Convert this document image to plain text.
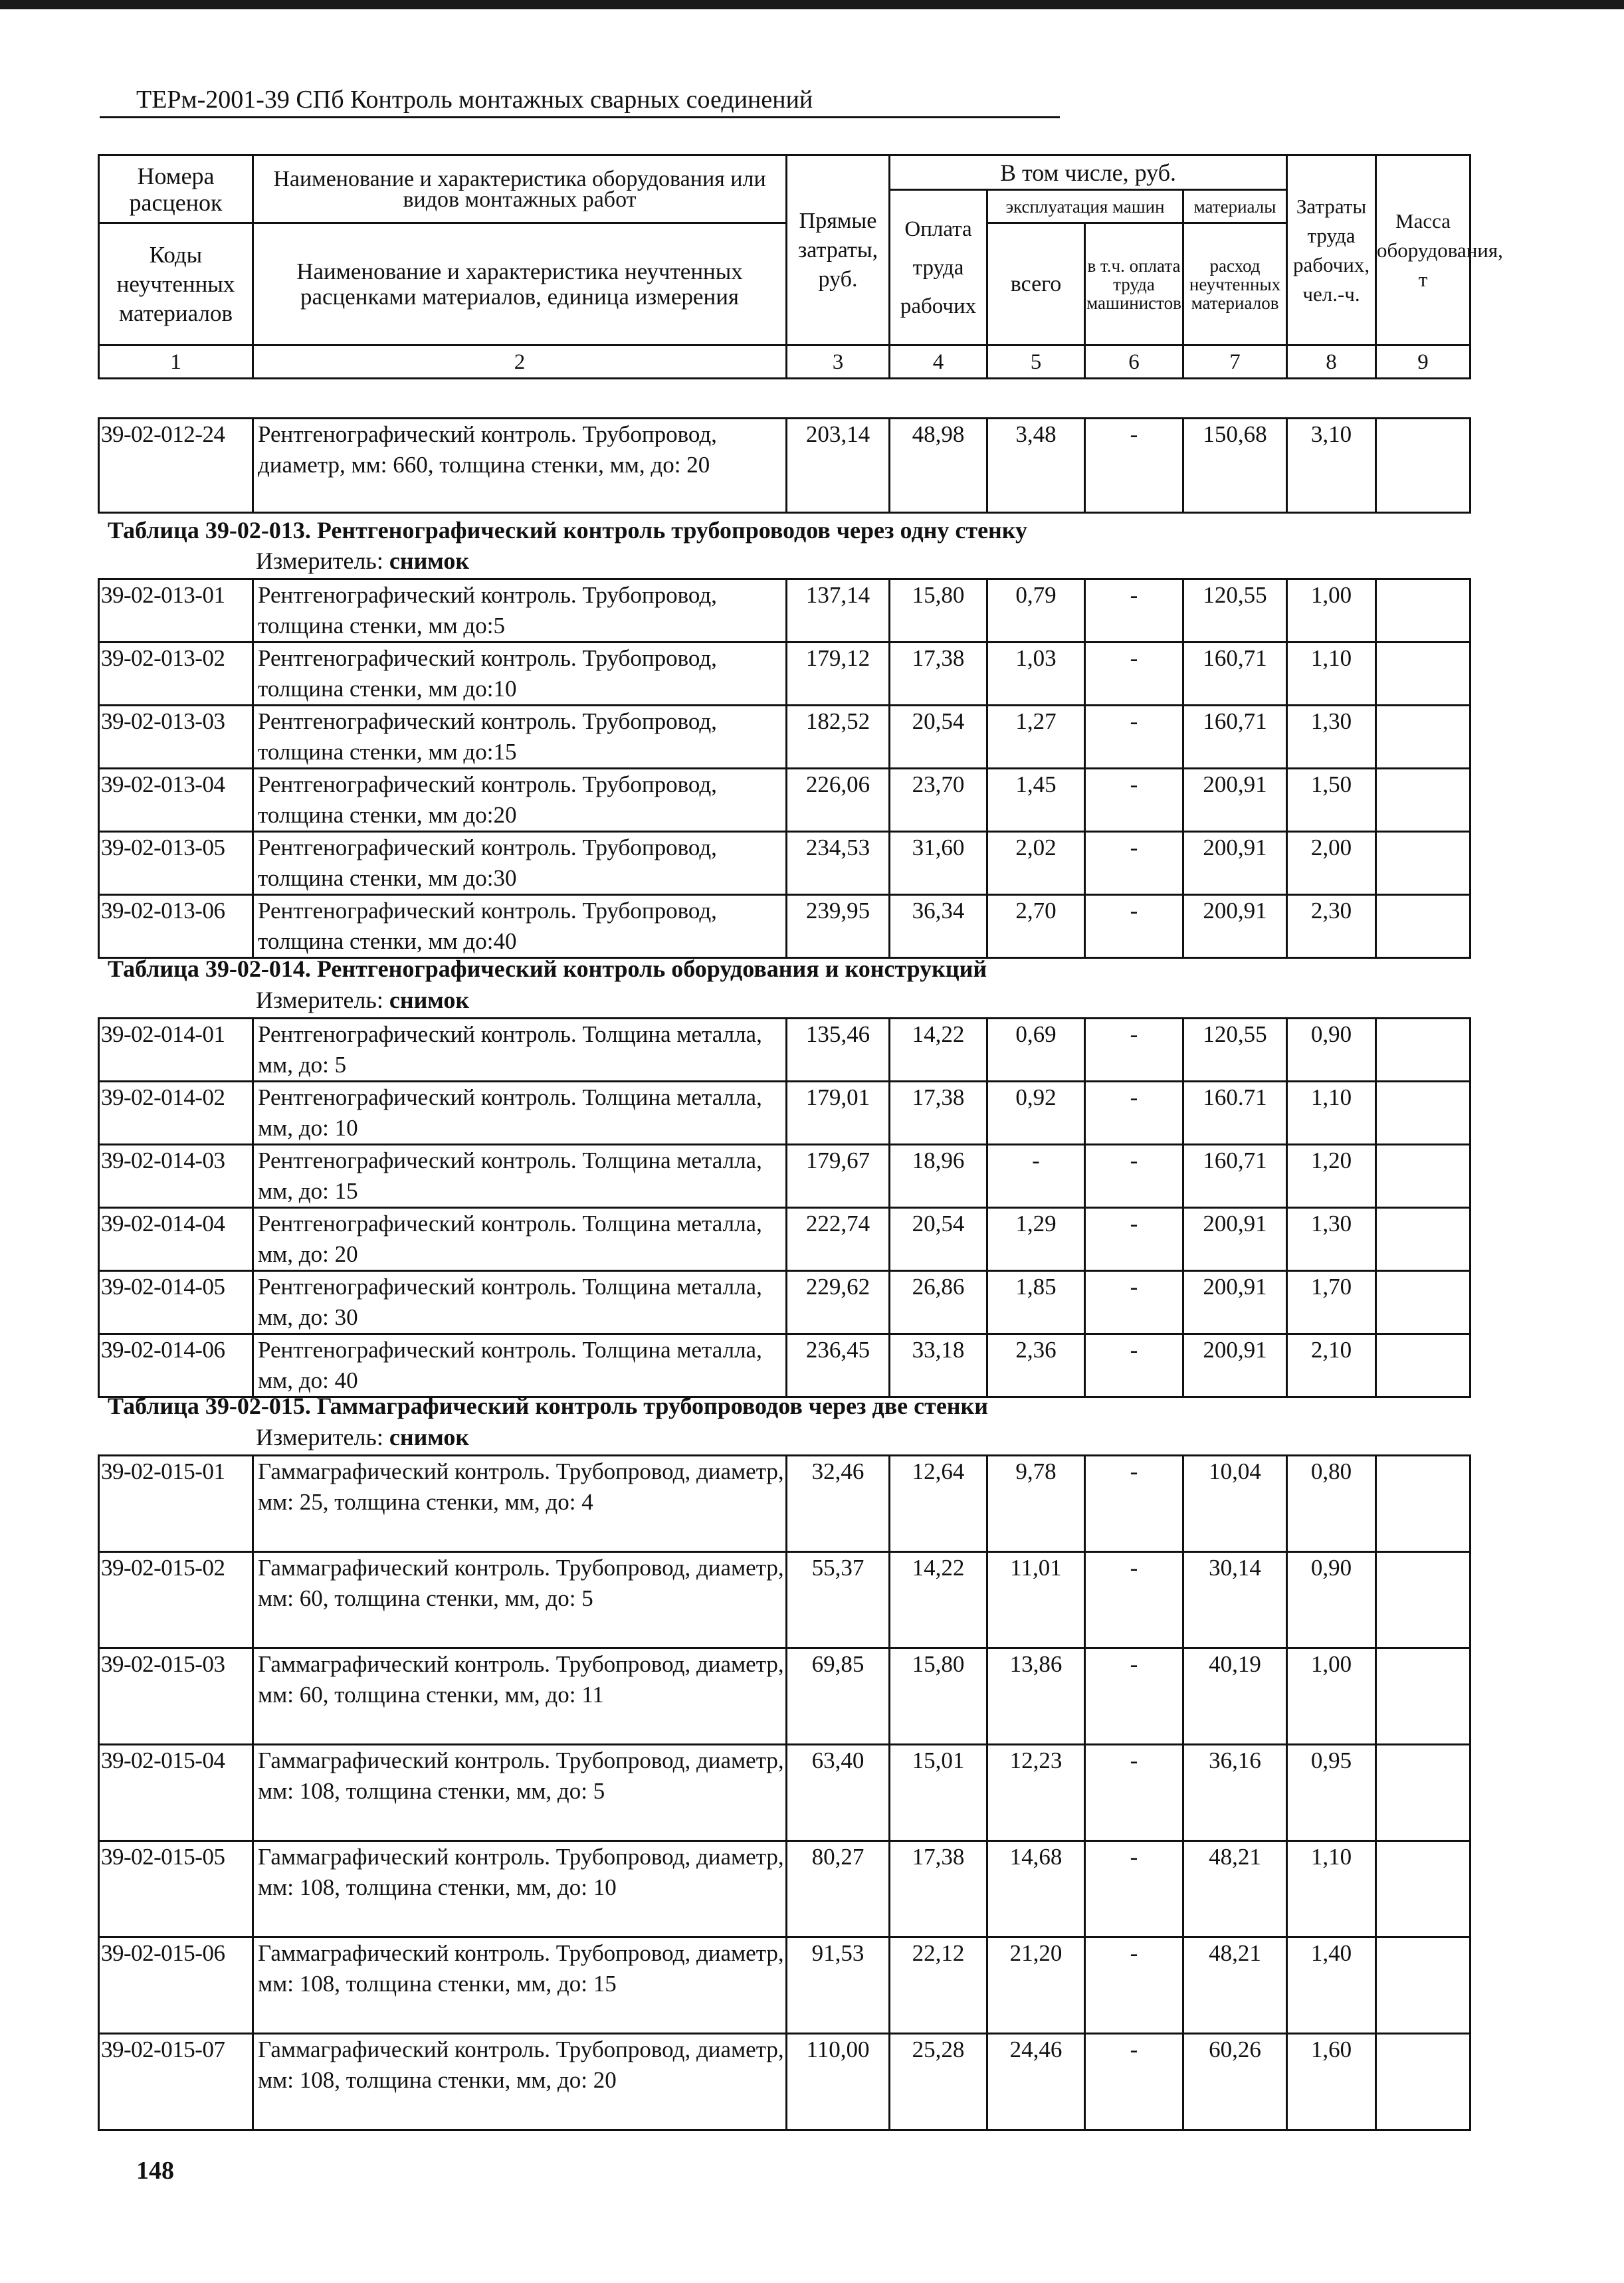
ТЕРм-2001-39 СПб Контроль монтажных сварных соединений
Номера расценок	Наименование и характеристика оборудования или видов монтажных работ	Прямые затраты, руб.	В том числе, руб.				Затраты труда рабочих, чел.-ч.	Масса оборудования, т
			Оплата труда рабочих	эксплуатация машин		материалы		
Коды неучтенных материалов	Наименование и характеристика неучтенных расценками материалов, единица измерения			всего	в т.ч. оплата труда машинистов	расход неучтенных материалов		

1	2	3	4	5	6	7	8	9
39-02-012-24	Рентгенографический контроль. Трубопровод, диаметр, мм: 660, толщина стенки, мм, до: 20	203,14	48,98	3,48	-	150,68	3,10	
Таблица 39-02-013. Рентгенографический контроль трубопроводов через одну стенку
Измеритель: снимок
39-02-013-01	Рентгенографический контроль. Трубопровод, толщина стенки, мм до:5	137,14	15,80	0,79	-	120,55	1,00	
39-02-013-02	Рентгенографический контроль. Трубопровод, толщина стенки, мм до:10	179,12	17,38	1,03	-	160,71	1,10	
39-02-013-03	Рентгенографический контроль. Трубопровод, толщина стенки, мм до:15	182,52	20,54	1,27	-	160,71	1,30	
39-02-013-04	Рентгенографический контроль. Трубопровод, толщина стенки, мм до:20	226,06	23,70	1,45	-	200,91	1,50	
39-02-013-05	Рентгенографический контроль. Трубопровод, толщина стенки, мм до:30	234,53	31,60	2,02	-	200,91	2,00	
39-02-013-06	Рентгенографический контроль. Трубопровод, толщина стенки, мм до:40	239,95	36,34	2,70	-	200,91	2,30	
Таблица 39-02-014. Рентгенографический контроль оборудования и конструкций
Измеритель: снимок
39-02-014-01	Рентгенографический контроль. Толщина металла, мм, до: 5	135,46	14,22	0,69	-	120,55	0,90	
39-02-014-02	Рентгенографический контроль. Толщина металла, мм, до: 10	179,01	17,38	0,92	-	160.71	1,10	
39-02-014-03	Рентгенографический контроль. Толщина металла, мм, до: 15	179,67	18,96	-	-	160,71	1,20	
39-02-014-04	Рентгенографический контроль. Толщина металла, мм, до: 20	222,74	20,54	1,29	-	200,91	1,30	
39-02-014-05	Рентгенографический контроль. Толщина металла, мм, до: 30	229,62	26,86	1,85	-	200,91	1,70	
39-02-014-06	Рентгенографический контроль. Толщина металла, мм, до: 40	236,45	33,18	2,36	-	200,91	2,10	
Таблица 39-02-015. Гаммаграфический контроль трубопроводов через две стенки
Измеритель: снимок
39-02-015-01	Гаммаграфический контроль. Трубопровод, диаметр, мм: 25, толщина стенки, мм, до: 4	32,46	12,64	9,78	-	10,04	0,80	
39-02-015-02	Гаммаграфический контроль. Трубопровод, диаметр, мм: 60, толщина стенки, мм, до: 5	55,37	14,22	11,01	-	30,14	0,90	
39-02-015-03	Гаммаграфический контроль. Трубопровод, диаметр, мм: 60, толщина стенки, мм, до: 11	69,85	15,80	13,86	-	40,19	1,00	
39-02-015-04	Гаммаграфический контроль. Трубопровод, диаметр, мм: 108, толщина стенки, мм, до: 5	63,40	15,01	12,23	-	36,16	0,95	
39-02-015-05	Гаммаграфический контроль. Трубопровод, диаметр, мм: 108, толщина стенки, мм, до: 10	80,27	17,38	14,68	-	48,21	1,10	
39-02-015-06	Гаммаграфический контроль. Трубопровод, диаметр, мм: 108, толщина стенки, мм, до: 15	91,53	22,12	21,20	-	48,21	1,40	
39-02-015-07	Гаммаграфический контроль. Трубопровод, диаметр, мм: 108, толщина стенки, мм, до: 20	110,00	25,28	24,46	-	60,26	1,60	
148
